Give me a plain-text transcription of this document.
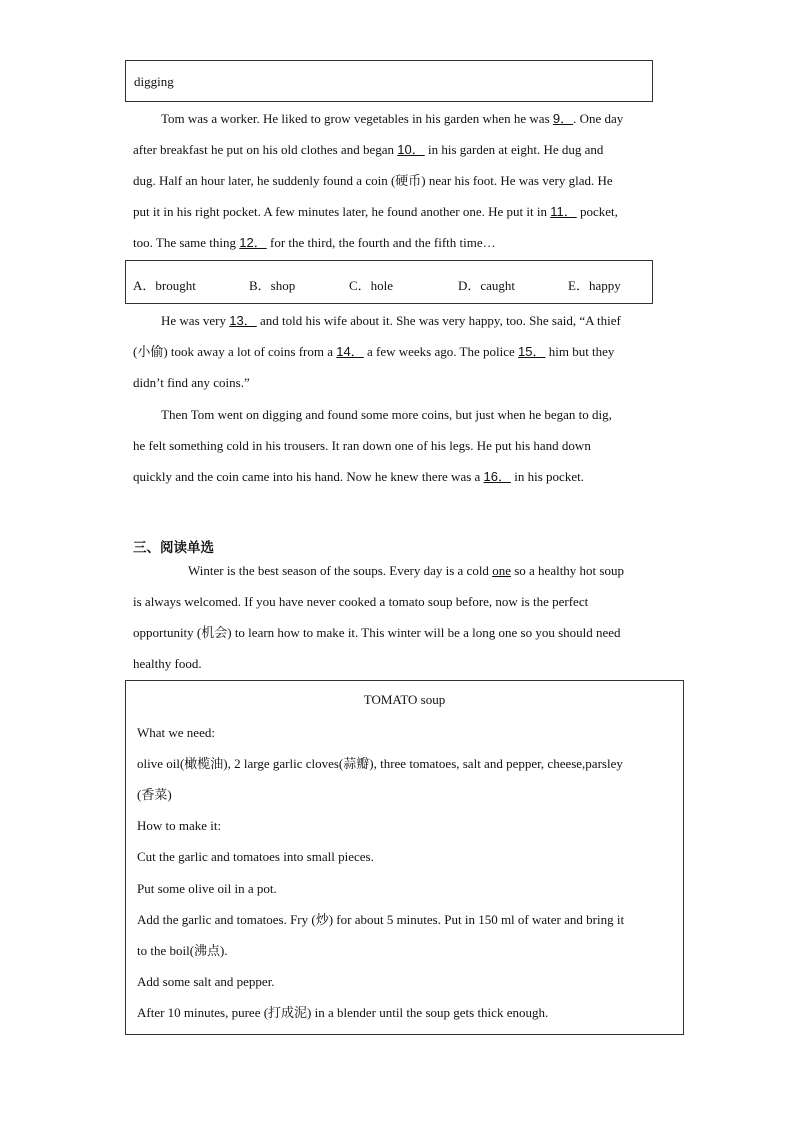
digging
Tom was a worker. He liked to grow vegetables in his garden when he was 9．. One day
after breakfast he put on his old clothes and began 10． in his garden at eight. He dug and
dug. Half an hour later, he suddenly found a coin (硬币) near his foot. He was very glad. He
put it in his right pocket. A few minutes later, he found another one. He put it in 11． pocket,
too. The same thing 12． for the third, the fourth and the fifth time…
A．brought	B．shop	C．hole	D．caught	E．happy
He was very 13． and told his wife about it. She was very happy, too. She said, “A thief
(小偷) took away a lot of coins from a 14． a few weeks ago. The police 15． him but they
didn’t find any coins.”
Then Tom went on digging and found some more coins, but just when he began to dig,
he felt something cold in his trousers. It ran down one of his legs. He put his hand down
quickly and the coin came into his hand. Now he knew there was a 16． in his pocket.
三、阅读单选
Winter is the best season of the soups. Every day is a cold one so a healthy hot soup
is always welcomed. If you have never cooked a tomato soup before, now is the perfect
opportunity (机会) to learn how to make it. This winter will be a long one so you should need
healthy food.
TOMATO soup
What we need:
olive oil(橄榄油), 2 large garlic cloves(蒜瓣), three tomatoes, salt and pepper, cheese,parsley
(香菜)
How to make it:
Cut the garlic and tomatoes into small pieces.
Put some olive oil in a pot.
Add the garlic and tomatoes. Fry (炒) for about 5 minutes. Put in 150 ml of water and bring it
to the boil(沸点).
Add some salt and pepper.
After 10 minutes, puree (打成泥) in a blender until the soup gets thick enough.
